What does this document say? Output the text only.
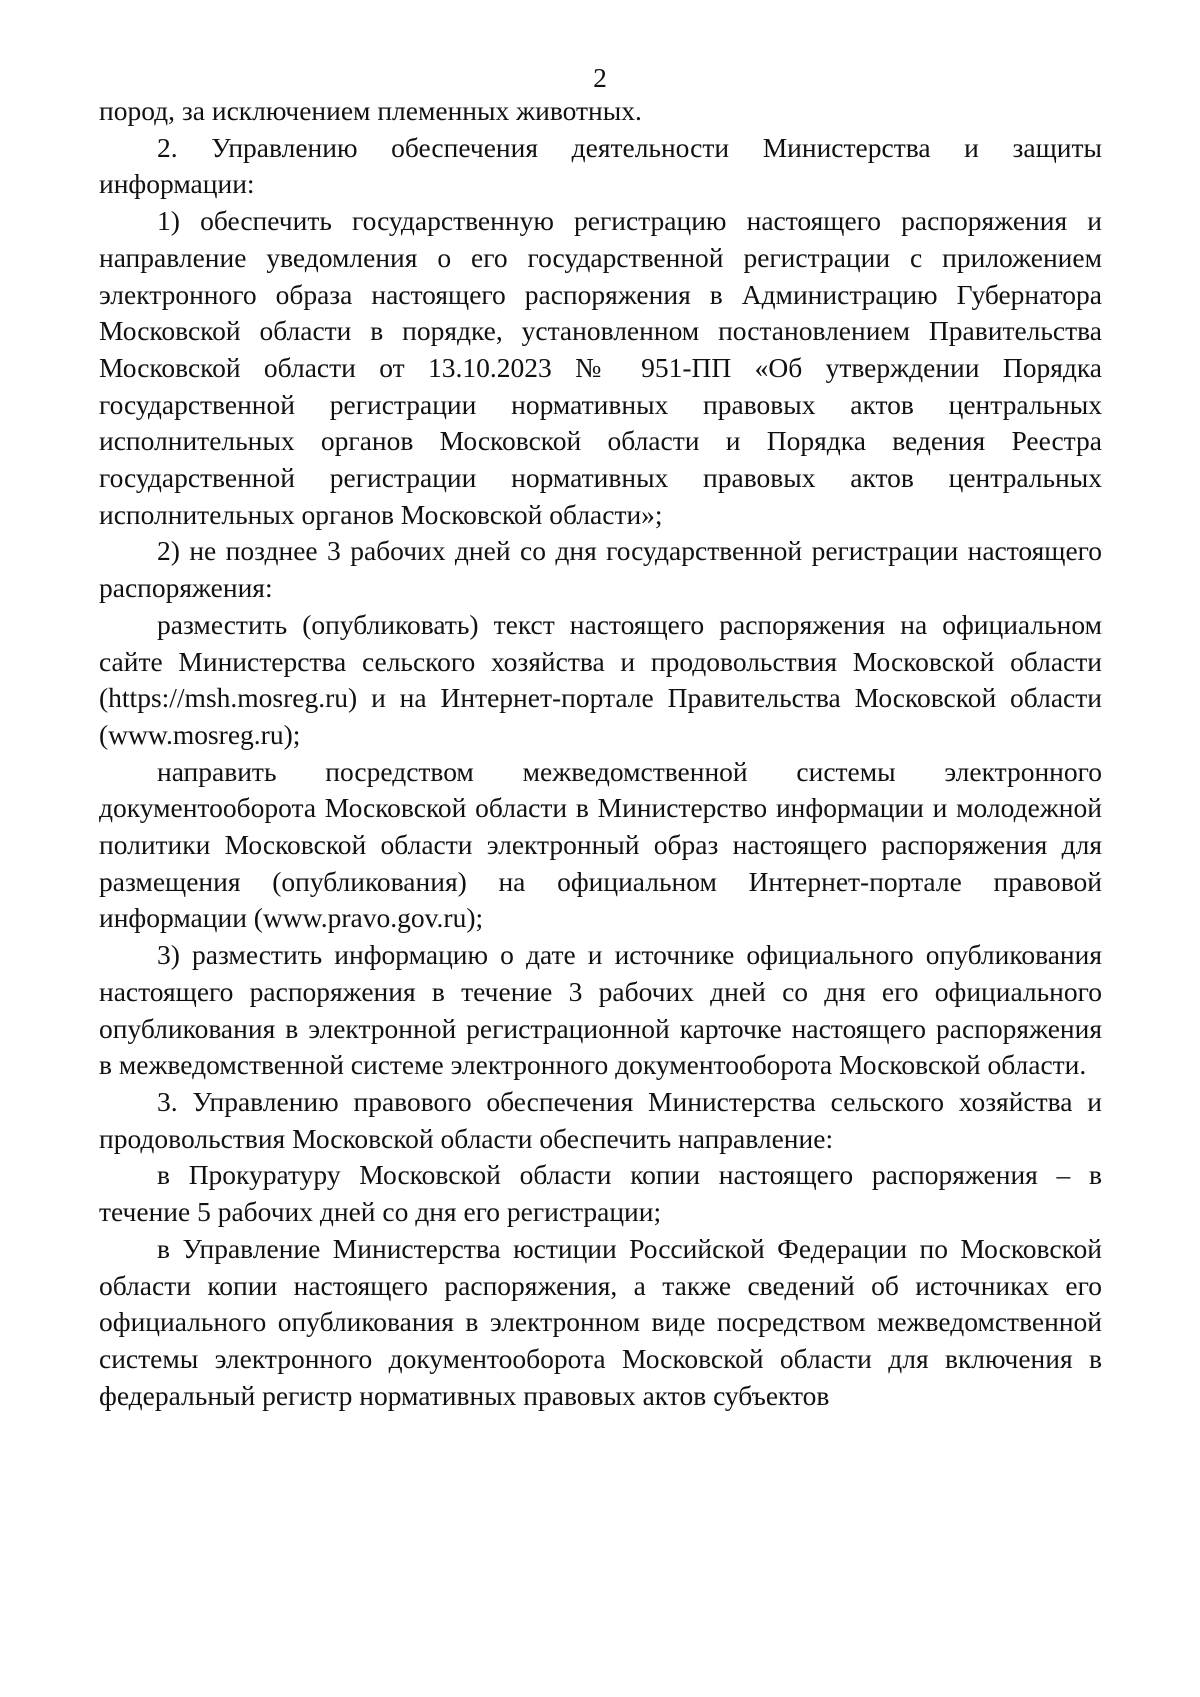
2

пород, за исключением племенных животных.

2. Управлению обеспечения деятельности Министерства и защиты информации:

1) обеспечить государственную регистрацию настоящего распоряжения и направление уведомления о его государственной регистрации с приложением электронного образа настоящего распоряжения в Администрацию Губернатора Московской области в порядке, установленном постановлением Правительства Московской области от 13.10.2023 № 951-ПП «Об утверждении Порядка государственной регистрации нормативных правовых актов центральных исполнительных органов Московской области и Порядка ведения Реестра государственной регистрации нормативных правовых актов центральных исполнительных органов Московской области»;

2) не позднее 3 рабочих дней со дня государственной регистрации настоящего распоряжения:

разместить (опубликовать) текст настоящего распоряжения на официальном сайте Министерства сельского хозяйства и продовольствия Московской области (https://msh.mosreg.ru) и на Интернет-портале Правительства Московской области (www.mosreg.ru);

направить посредством межведомственной системы электронного документооборота Московской области в Министерство информации и молодежной политики Московской области электронный образ настоящего распоряжения для размещения (опубликования) на официальном Интернет-портале правовой информации (www.pravo.gov.ru);

3) разместить информацию о дате и источнике официального опубликования настоящего распоряжения в течение 3 рабочих дней со дня его официального опубликования в электронной регистрационной карточке настоящего распоряжения в межведомственной системе электронного документооборота Московской области.

3. Управлению правового обеспечения Министерства сельского хозяйства и продовольствия Московской области обеспечить направление:

в Прокуратуру Московской области копии настоящего распоряжения – в течение 5 рабочих дней со дня его регистрации;

в Управление Министерства юстиции Российской Федерации по Московской области копии настоящего распоряжения, а также сведений об источниках его официального опубликования в электронном виде посредством межведомственной системы электронного документооборота Московской области для включения в федеральный регистр нормативных правовых актов субъектов
